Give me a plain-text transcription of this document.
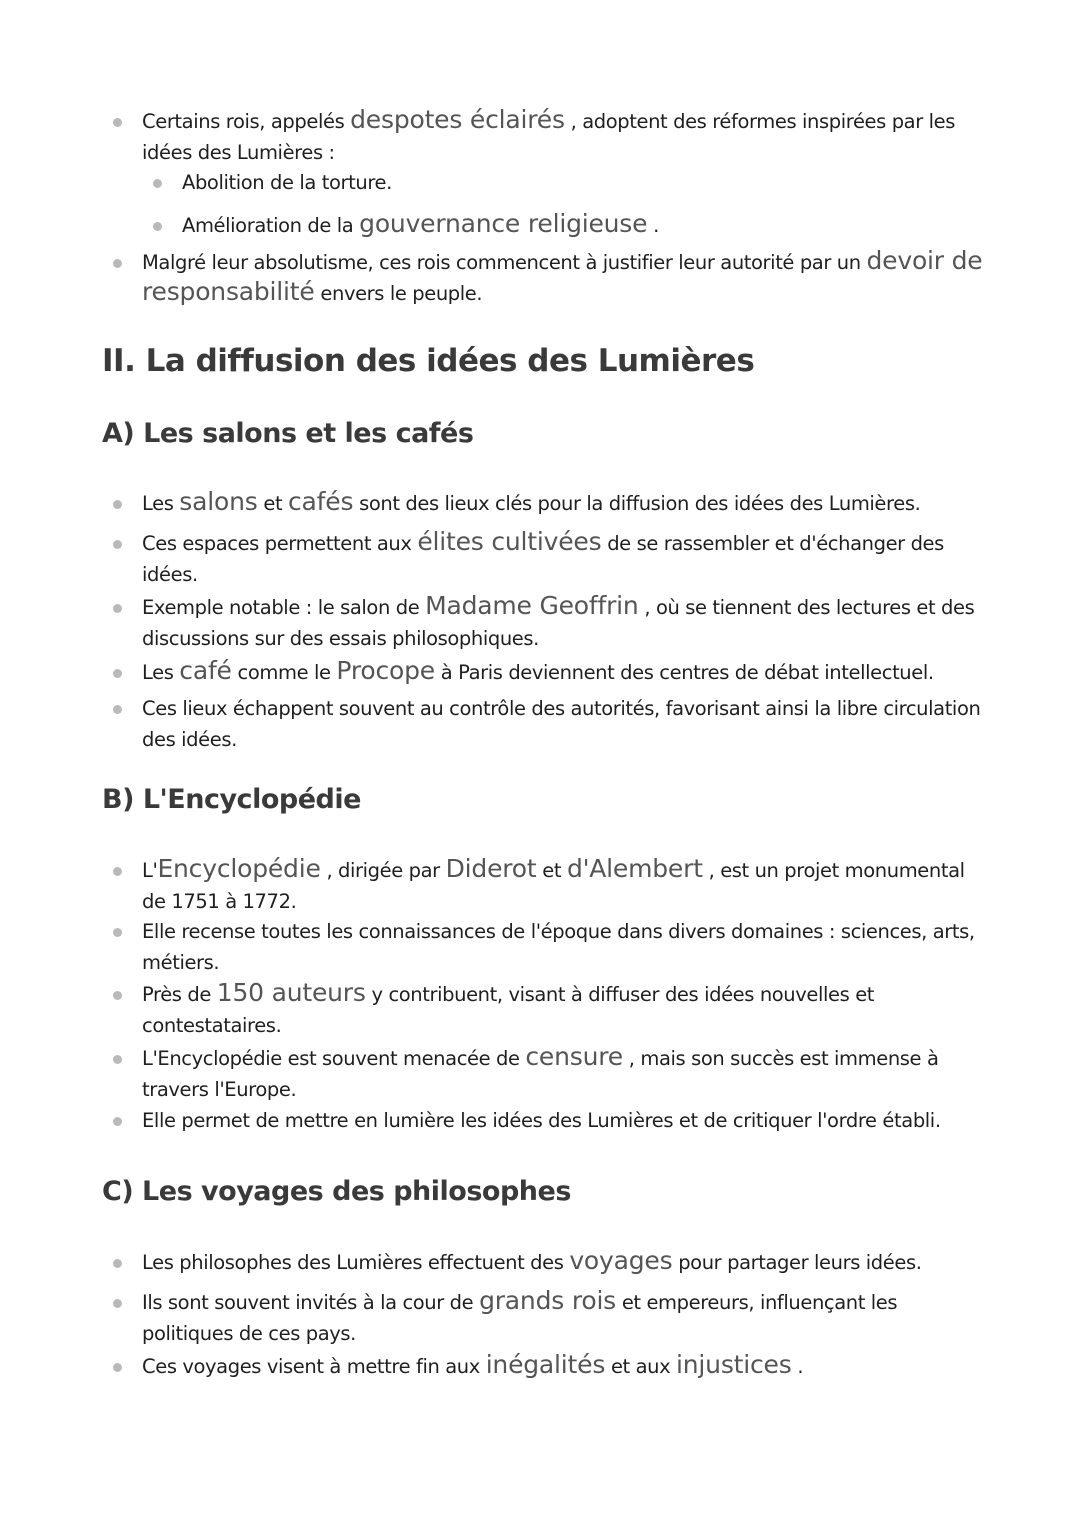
Certains rois, appelés despotes éclairés , adoptent des réformes inspirées par les idées des Lumières :
Abolition de la torture.
Amélioration de la gouvernance religieuse .
Malgré leur absolutisme, ces rois commencent à justifier leur autorité par un devoir de responsabilité envers le peuple.
II. La diffusion des idées des Lumières
A) Les salons et les cafés
Les salons et cafés sont des lieux clés pour la diffusion des idées des Lumières.
Ces espaces permettent aux élites cultivées de se rassembler et d'échanger des idées.
Exemple notable : le salon de Madame Geoffrin , où se tiennent des lectures et des discussions sur des essais philosophiques.
Les café comme le Procope à Paris deviennent des centres de débat intellectuel.
Ces lieux échappent souvent au contrôle des autorités, favorisant ainsi la libre circulation des idées.
B) L'Encyclopédie
L'Encyclopédie , dirigée par Diderot et d'Alembert , est un projet monumental de 1751 à 1772.
Elle recense toutes les connaissances de l'époque dans divers domaines : sciences, arts, métiers.
Près de 150 auteurs y contribuent, visant à diffuser des idées nouvelles et contestataires.
L'Encyclopédie est souvent menacée de censure , mais son succès est immense à travers l'Europe.
Elle permet de mettre en lumière les idées des Lumières et de critiquer l'ordre établi.
C) Les voyages des philosophes
Les philosophes des Lumières effectuent des voyages pour partager leurs idées.
Ils sont souvent invités à la cour de grands rois et empereurs, influençant les politiques de ces pays.
Ces voyages visent à mettre fin aux inégalités et aux injustices .
